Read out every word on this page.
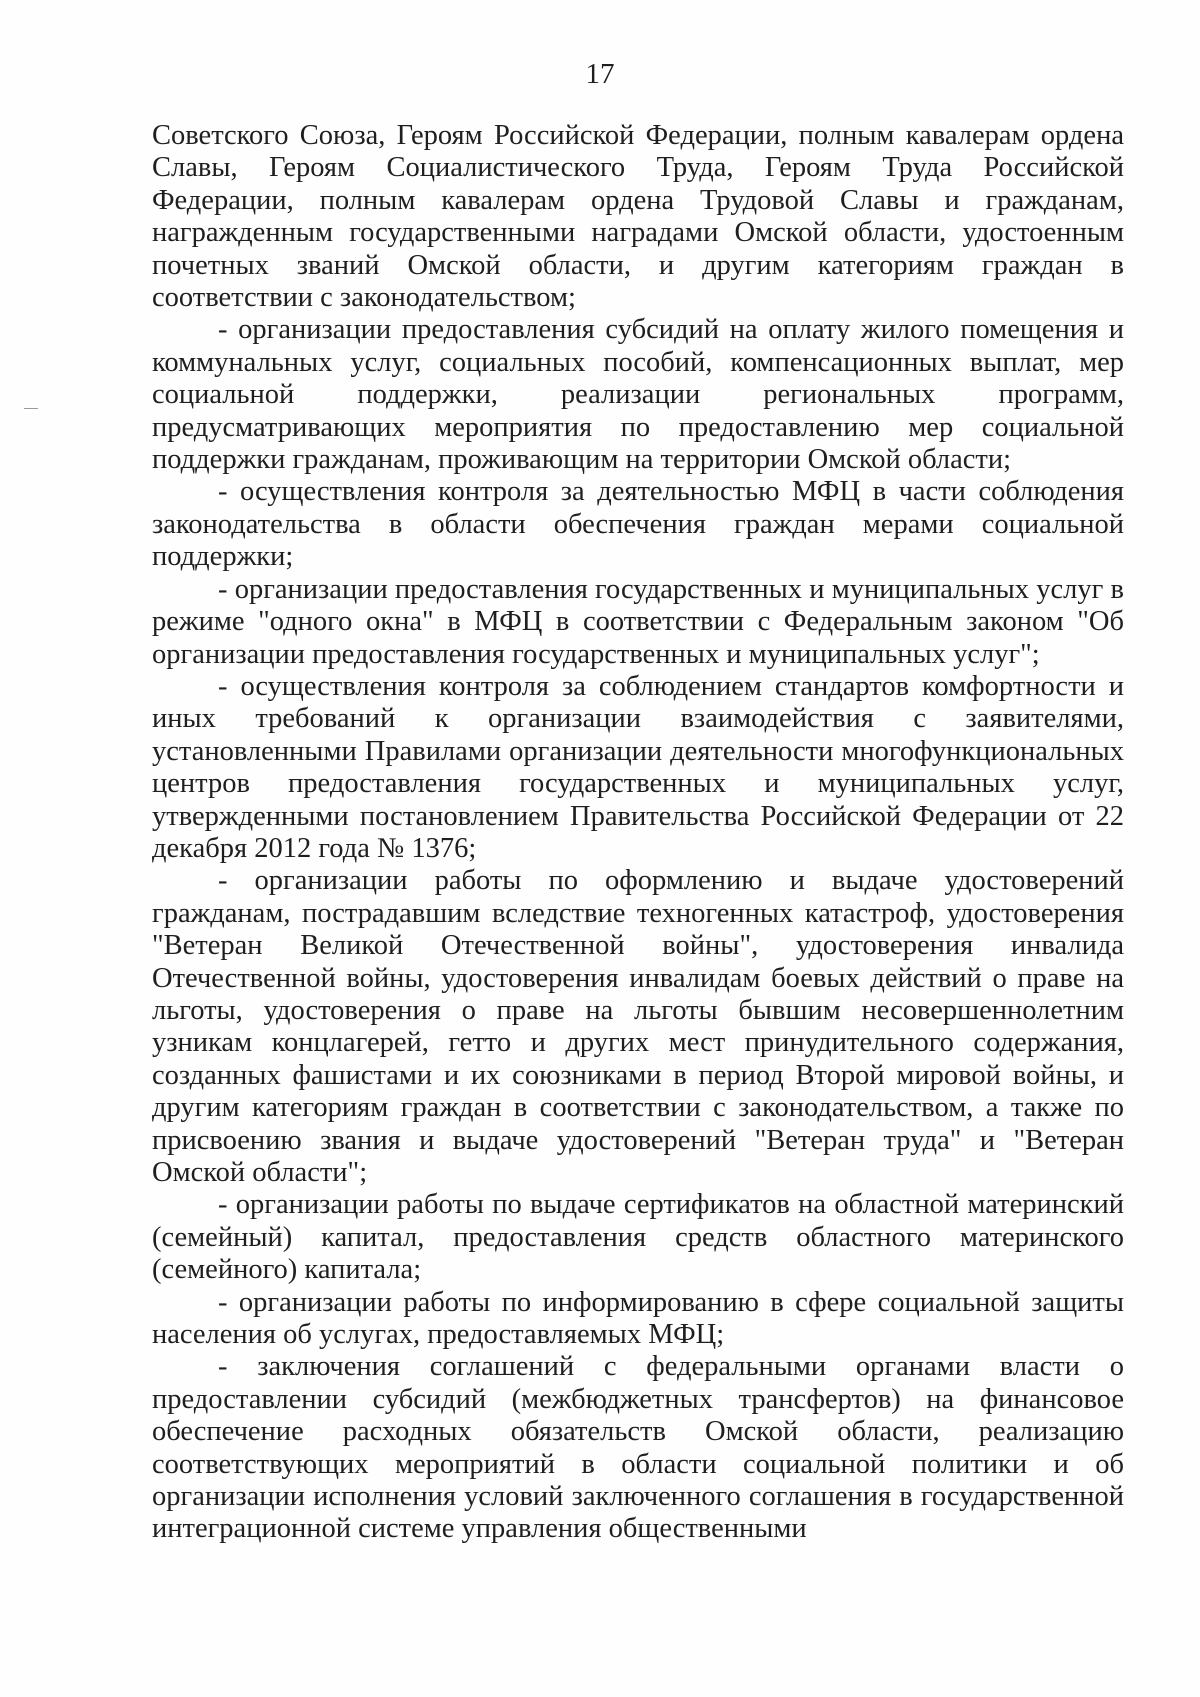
17

Советского Союза, Героям Российской Федерации, полным кавалерам ордена Славы, Героям Социалистического Труда, Героям Труда Российской Федерации, полным кавалерам ордена Трудовой Славы и гражданам, награжденным государственными наградами Омской области, удостоенным почетных званий Омской области, и другим категориям граждан в соответствии с законодательством;

- организации предоставления субсидий на оплату жилого помещения и коммунальных услуг, социальных пособий, компенсационных выплат, мер социальной поддержки, реализации региональных программ, предусматривающих мероприятия по предоставлению мер социальной поддержки гражданам, проживающим на территории Омской области;

- осуществления контроля за деятельностью МФЦ в части соблюдения законодательства в области обеспечения граждан мерами социальной поддержки;

- организации предоставления государственных и муниципальных услуг в режиме "одного окна" в МФЦ в соответствии с Федеральным законом "Об организации предоставления государственных и муниципальных услуг";

- осуществления контроля за соблюдением стандартов комфортности и иных требований к организации взаимодействия с заявителями, установленными Правилами организации деятельности многофункциональных центров предоставления государственных и муниципальных услуг, утвержденными постановлением Правительства Российской Федерации от 22 декабря 2012 года № 1376;

- организации работы по оформлению и выдаче удостоверений гражданам, пострадавшим вследствие техногенных катастроф, удостоверения "Ветеран Великой Отечественной войны", удостоверения инвалида Отечественной войны, удостоверения инвалидам боевых действий о праве на льготы, удостоверения о праве на льготы бывшим несовершеннолетним узникам концлагерей, гетто и других мест принудительного содержания, созданных фашистами и их союзниками в период Второй мировой войны, и другим категориям граждан в соответствии с законодательством, а также по присвоению звания и выдаче удостоверений "Ветеран труда" и "Ветеран Омской области";

- организации работы по выдаче сертификатов на областной материнский (семейный) капитал, предоставления средств областного материнского (семейного) капитала;

- организации работы по информированию в сфере социальной защиты населения об услугах, предоставляемых МФЦ;

- заключения соглашений с федеральными органами власти о предоставлении субсидий (межбюджетных трансфертов) на финансовое обеспечение расходных обязательств Омской области, реализацию соответствующих мероприятий в области социальной политики и об организации исполнения условий заключенного соглашения в государственной интеграционной системе управления общественными
